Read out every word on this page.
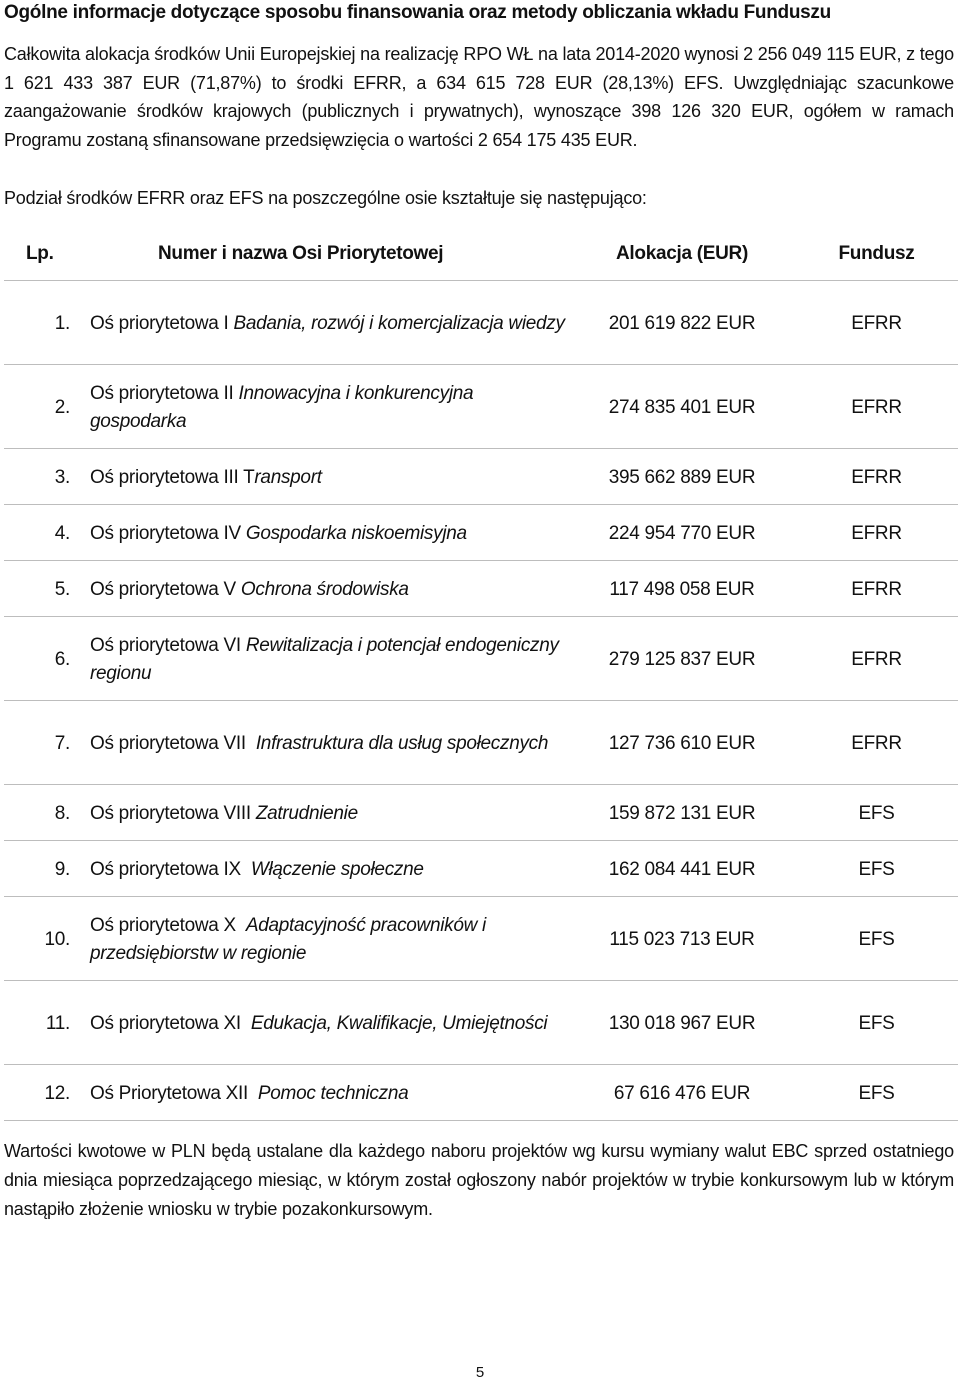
Ogólne informacje dotyczące sposobu finansowania oraz metody obliczania wkładu Funduszu
Całkowita alokacja środków Unii Europejskiej na realizację RPO WŁ na lata 2014-2020 wynosi 2 256 049 115 EUR, z tego 1 621 433 387 EUR (71,87%) to środki EFRR, a 634 615 728 EUR (28,13%) EFS. Uwzględniając szacunkowe zaangażowanie środków krajowych (publicznych i prywatnych), wynoszące 398 126 320 EUR, ogółem w ramach Programu zostaną sfinansowane przedsięwzięcia o wartości 2 654 175 435 EUR.
Podział środków EFRR oraz EFS na poszczególne osie kształtuje się następująco:
Lp.	Numer i nazwa Osi Priorytetowej	Alokacja (EUR)	Fundusz

1.	Oś priorytetowa I Badania, rozwój i komercjalizacja wiedzy	201 619 822 EUR	EFRR

2.	Oś priorytetowa II Innowacyjna i konkurencyjna gospodarka	274 835 401 EUR	EFRR

3.	Oś priorytetowa III Transport	395 662 889 EUR	EFRR

4.	Oś priorytetowa IV Gospodarka niskoemisyjna	224 954 770 EUR	EFRR

5.	Oś priorytetowa V Ochrona środowiska	117 498 058 EUR	EFRR

6.	Oś priorytetowa VI Rewitalizacja i potencjał endogeniczny regionu	279 125 837 EUR	EFRR

7.	Oś priorytetowa VII  Infrastruktura dla usług społecznych	127 736 610 EUR	EFRR

8.	Oś priorytetowa VIII Zatrudnienie	159 872 131 EUR	EFS

9.	Oś priorytetowa IX  Włączenie społeczne	162 084 441 EUR	EFS

10.	Oś priorytetowa X  Adaptacyjność pracowników i przedsiębiorstw w regionie	115 023 713 EUR	EFS

11.	Oś priorytetowa XI  Edukacja, Kwalifikacje, Umiejętności	130 018 967 EUR	EFS

12.	Oś Priorytetowa XII  Pomoc techniczna	67 616 476 EUR	EFS
Wartości kwotowe w PLN będą ustalane dla każdego naboru projektów wg kursu wymiany walut EBC sprzed ostatniego dnia miesiąca poprzedzającego miesiąc, w którym został ogłoszony nabór projektów w trybie konkursowym lub w którym nastąpiło złożenie wniosku w trybie pozakonkursowym.
5
